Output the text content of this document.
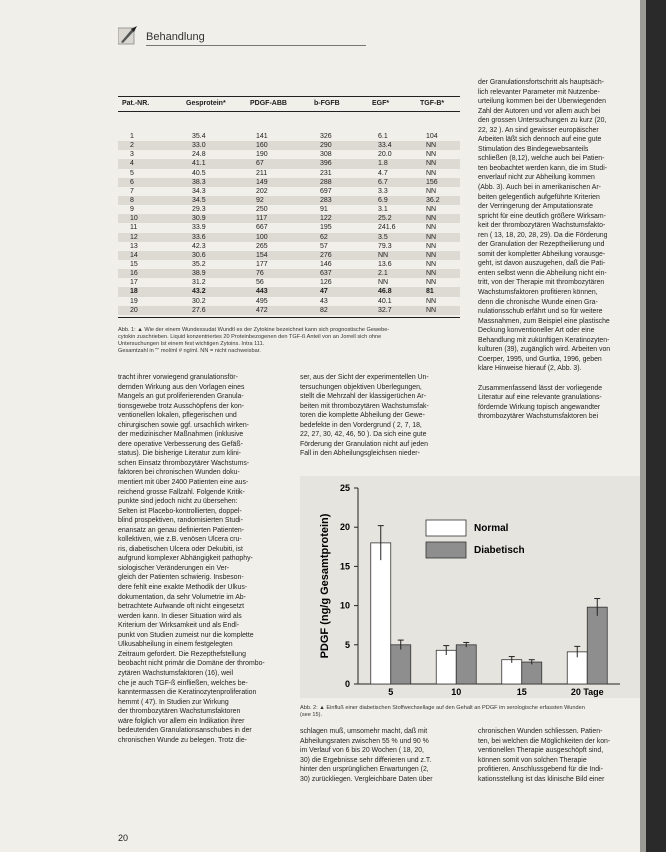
Behandlung
Pat.-NR.	Gesprotein*	PDGF-ABB	b-FGFB	EGF*	TGF-B*
1	35.4	141	326	6.1	104
2	33.0	160	290	33.4	NN
3	24.8	190	308	20.0	NN
4	41.1	67	396	1.8	NN
5	40.5	211	231	4.7	NN
6	38.3	149	288	6.7	156
7	34.3	202	697	3.3	NN
8	34.5	92	283	6.9	36.2
9	29.3	250	91	3.1	NN
10	30.9	117	122	25.2	NN
11	33.9	667	195	241.6	NN
12	33.6	100	62	3.5	NN
13	42.3	265	57	79.3	NN
14	30.6	154	276	NN	NN
15	35.2	177	146	13.6	NN
16	38.9	76	637	2.1	NN
17	31.2	56	126	NN	NN
18	43.2	443	47	46.8	81
19	30.2	495	43	40.1	NN
20	27.6	472	82	32.7	NN
Abb. 1: ▲ Wie der einem Wundexsudat Wundtl es der Zytokine bezeichnet kann sich prognostische Gewebe-
cytokin zuschrieben. Liquid konzentriertes 20 Proteinbezogenen den TGF-ß Anteil von an Jorrell sich ohne
Untersuchungen Ist einem fest wichtigen Zytoins. Intra 111.
Gesamtzahl in "" mol/ml # ng/ml. NN = nicht nachweisbar.
tracht ihrer vorwiegend granulationsför-
dernden Wirkung aus den Vorlagen eines
Mangels an gut proliferierenden Granula-
tionsgewebe trotz Ausschöpfens der kon-
ventionellen lokalen, pflegerischen und
chirurgischen sowie ggf. ursachlich wirken-
der medizinischer Maßnahmen (inklusive
dere operative Verbesserung des Gefäß-
status). Die bisherige Literatur zum klini-
schen Einsatz thrombozytärer Wachstums-
faktoren bei chronischen Wunden doku-
mentiert mit über 2400 Patienten eine aus-
reichend grosse Fallzahl. Folgende Kritik-
punkte sind jedoch nicht zu übersehen:
Selten ist Placebo-kontrollierten, doppel-
blind prospektiven, randomisierten Studi-
enansatz an genau definierten Patienten-
kollektiven, wie z.B. venösen Ulcera cru-
ris, diabetischen Ulcera oder Dekubiti, ist
aufgrund komplexer Abhängigkeit pathophy-
siologischer Veränderungen ein Ver-
gleich der Patienten schwierig. Insbeson-
dere fehlt eine exakte Methodik der Ulkus-
dokumentation, da sehr Volumetrie im Ab-
betrachtete Aufwande oft nicht eingesetzt
werden kann. In dieser Situation wird als
Kriterium der Wirksamkeit und als Endl-
punkt von Studien zumeist nur die komplette
Ulkusabheilung in einem festgelegten
Zeitraum gefordert. Die Rezepthefstellung
beobacht nicht primär die Domäne der thrombo-
zytären Wachstumsfaktoren (16), weil
che je auch TGF-ß einfließen, welches be-
kanntermassen die Keratinozytenproliferation
hemmt ( 47). In Studien zur Wirkung
der thrombozytären Wachstumsfaktoren
wäre folglich vor allem ein Indikation ihrer
bedeutenden Granulationsanschubes in der
chronischen Wunde zu belegen. Trotz die-
ser, aus der Sicht der experimentellen Un-
tersuchungen objektiven Überlegungen,
stellt die Mehrzahl der klassigerüchen Ar-
beiten mit thrombozytären Wachstumsfak-
toren die komplette Abheilung der Gewe-
bedefekte in den Vordergrund ( 2, 7, 18,
22, 27, 30, 42, 46, 50 ). Da sich eine gute
Förderung der Granulation nicht auf jeden
Fall in den Abheilungsgleichsen nieder-
der Granulationsfortschritt als hauptsäch-
lich relevanter Parameter mit Nutzenbe-
urteilung kommen bei der Überwiegenden
Zahl der Autoren und vor allem auch bei
den grossen Untersuchungen zu kurz (20,
22, 32 ). An sind gewisser europäischer
Arbeiten läßt sich dennoch auf eine gute
Stimulation des Bindegewebsanteils
schließen (8,12), welche auch bei Patien-
ten beobachtet werden kann, die im Studi-
enverlauf nicht zur Abheilung kommen
(Abb. 3). Auch bei in amerikanischen Ar-
beiten gelegentlich aufgeführte Kriterien
der Verringerung der Amputationsrate
spricht für eine deutlich größere Wirksam-
keit der thrombozytären Wachstumsfakto-
ren ( 13, 18, 20, 28, 29). Da die Förderung
der Granulation der Rezeptheilierung und
somit der kompletter Abheilung vorausge-
geht, ist davon auszugehen, daß die Pati-
enten selbst wenn die Abheilung nicht ein-
tritt, von der Therapie mit thrombozytären
Wachstumsfaktoren profitieren können,
denn die chronische Wunde einen Gra-
nulationsschub erfährt und so für weitere
Massnahmen, zum Beispiel eine plastische
Deckung konventioneller Art oder eine
Behandlung mit zukünftigen Keratinozyten-
kulturen (39), zugänglich wird. Arbeiten von
Coerper, 1995, und Gurtka, 1996, geben
klare Hinweise hierauf (2, Abb. 3).
Zusammenfassend lässt der vorliegende
Literatur auf eine relevante granulations-
fördernde Wirkung topisch angewandter
thrombozytärer Wachstumsfaktoren bei
0
5
10
15
20
25
PDGF (ng/g Gesamtprotein)
5	10	15	20 Tage
Normal
Diabetisch
Abb. 2: ▲ Einfluß einer diabetischen Stoffwechsellage auf den Gehalt an PDGF im serologische erfassten Wunden
(see 15).
schlagen muß, umsomehr macht, daß mit
Abheilungsraten zwischen 55 % und 90 %
im Verlauf von 6 bis 20 Wochen ( 18, 20,
30) die Ergebnisse sehr differieren und z.T.
hinter den ursprünglichen Erwartungen (2,
30) zurückliegen. Vergleichbare Daten über
chronischen Wunden schliessen. Patien-
ten, bei welchen die Möglichkeiten der kon-
ventionellen Therapie ausgeschöpft sind,
können somit von solchen Therapie
profitieren. Anschlussgebend für die Indi-
kationsstellung ist das klinische Bild einer
20
